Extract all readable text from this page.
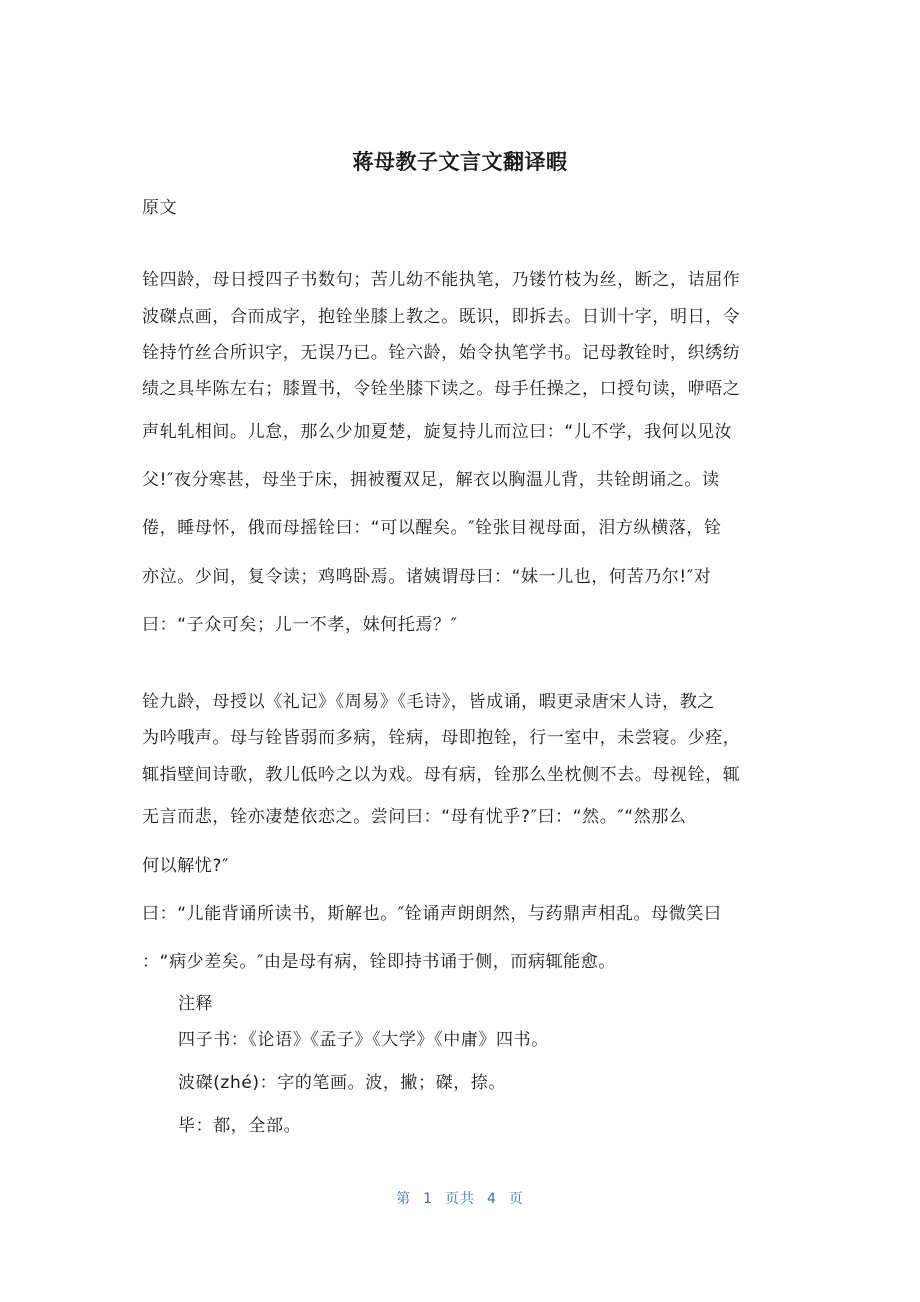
蒋母教子文言文翻译暇
原文
铨四龄，母日授四子书数句；苦儿幼不能执笔，乃镂竹枝为丝，断之，诘屈作
波磔点画，合而成字，抱铨坐膝上教之。既识，即拆去。日训十字，明日，令
铨持竹丝合所识字，无误乃已。铨六龄，始令执笔学书。记母教铨时，织绣纺
绩之具毕陈左右；膝置书，令铨坐膝下读之。母手任操之，口授句读，咿唔之
声轧轧相间。儿怠，那么少加夏楚，旋复持儿而泣曰：“儿不学，我何以见汝
父!″夜分寒甚，母坐于床，拥被覆双足，解衣以胸温儿背，共铨朗诵之。读
倦，睡母怀，俄而母摇铨曰：“可以醒矣。″铨张目视母面，泪方纵横落，铨
亦泣。少间，复令读；鸡鸣卧焉。诸姨谓母曰：“妹一儿也，何苦乃尔!″对
曰：“子众可矣；儿一不孝，妹何托焉？″
铨九龄，母授以《礼记》《周易》《毛诗》，皆成诵，暇更录唐宋人诗，教之
为吟哦声。母与铨皆弱而多病，铨病，母即抱铨，行一室中，未尝寝。少痊，
辄指壁间诗歌，教儿低吟之以为戏。母有病，铨那么坐枕侧不去。母视铨，辄
无言而悲，铨亦凄楚依恋之。尝问曰：“母有忧乎?″曰：“然。″“然那么
何以解忧?″
曰：“儿能背诵所读书，斯解也。″铨诵声朗朗然，与药鼎声相乱。母微笑曰
：“病少差矣。″由是母有病，铨即持书诵于侧，而病辄能愈。
注释
四子书：《论语》《孟子》《大学》《中庸》四书。
波磔(zhé)：字的笔画。波，撇；磔，捺。
毕：都，全部。
第 1 页共 4 页
